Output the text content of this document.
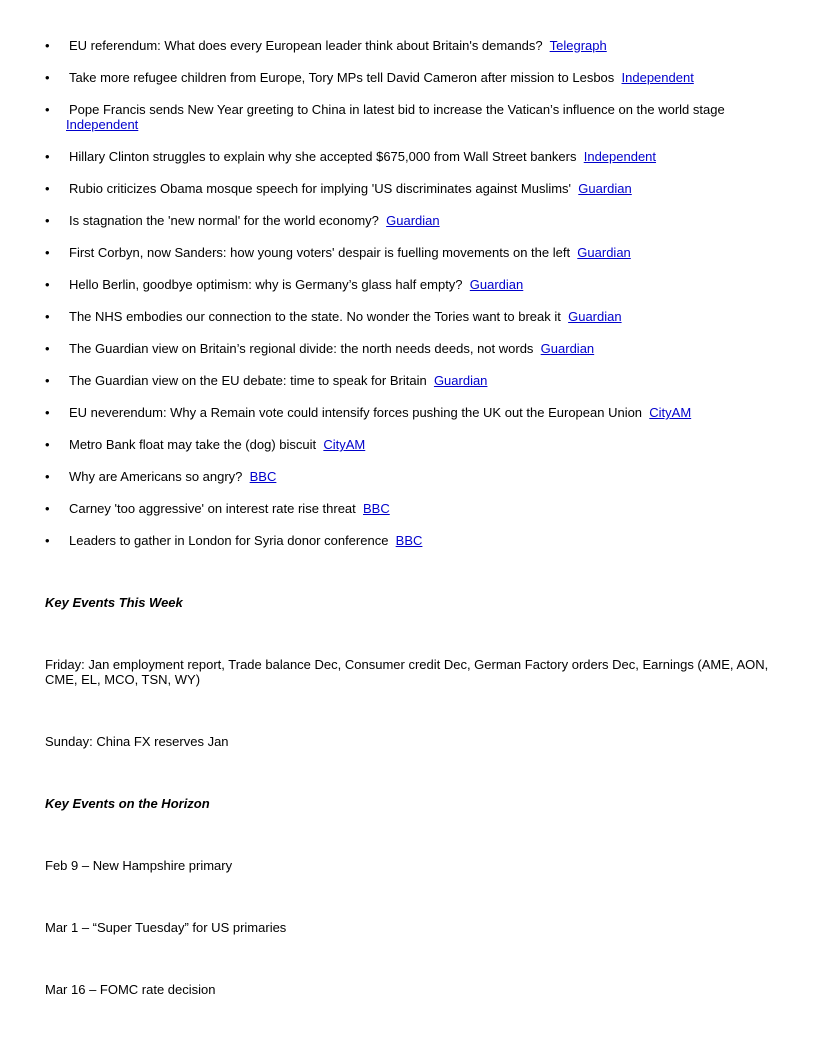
•	EU referendum: What does every European leader think about Britain's demands? Telegraph
•	Take more refugee children from Europe, Tory MPs tell David Cameron after mission to Lesbos Independent
•	Pope Francis sends New Year greeting to China in latest bid to increase the Vatican’s influence on the world stage
Independent
•	Hillary Clinton struggles to explain why she accepted $675,000 from Wall Street bankers Independent
•	Rubio criticizes Obama mosque speech for implying 'US discriminates against Muslims' Guardian
•	Is stagnation the 'new normal' for the world economy? Guardian
•	First Corbyn, now Sanders: how young voters' despair is fuelling movements on the left Guardian
•	Hello Berlin, goodbye optimism: why is Germany’s glass half empty? Guardian
•	The NHS embodies our connection to the state. No wonder the Tories want to break it Guardian
•	The Guardian view on Britain’s regional divide: the north needs deeds, not words Guardian
•	The Guardian view on the EU debate: time to speak for Britain Guardian
•	EU neverendum: Why a Remain vote could intensify forces pushing the UK out the European Union CityAM
•	Metro Bank float may take the (dog) biscuit CityAM
•	Why are Americans so angry? BBC
•	Carney 'too aggressive' on interest rate rise threat BBC
•	Leaders to gather in London for Syria donor conference BBC
Key Events This Week
Friday: Jan employment report, Trade balance Dec, Consumer credit Dec, German Factory orders Dec, Earnings (AME, AON, CME, EL, MCO, TSN, WY)
Sunday: China FX reserves Jan
Key Events on the Horizon
Feb 9 – New Hampshire primary
Mar 1 – “Super Tuesday” for US primaries
Mar 16 – FOMC rate decision
